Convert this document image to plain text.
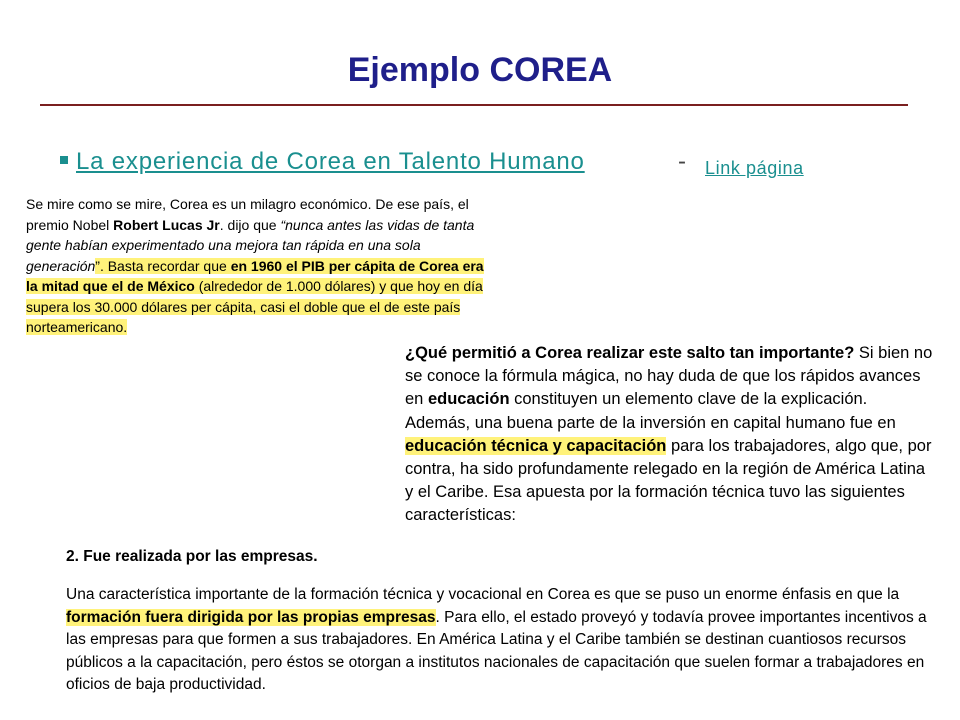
Ejemplo COREA
La experiencia de Corea en Talento Humano	- Link página
Se mire como se mire, Corea es un milagro económico. De ese país, el premio Nobel Robert Lucas Jr. dijo que “nunca antes las vidas de tanta gente habían experimentado una mejora tan rápida en una sola generación”. Basta recordar que en 1960 el PIB per cápita de Corea era la mitad que el de México (alrededor de 1.000 dólares) y que hoy en día supera los 30.000 dólares per cápita, casi el doble que el de este país norteamericano.
¿Qué permitió a Corea realizar este salto tan importante? Si bien no se conoce la fórmula mágica, no hay duda de que los rápidos avances en educación constituyen un elemento clave de la explicación. Además, una buena parte de la inversión en capital humano fue en educación técnica y capacitación para los trabajadores, algo que, por contra, ha sido profundamente relegado en la región de América Latina y el Caribe. Esa apuesta por la formación técnica tuvo las siguientes características:
2. Fue realizada por las empresas.
Una característica importante de la formación técnica y vocacional en Corea es que se puso un enorme énfasis en que la formación fuera dirigida por las propias empresas. Para ello, el estado proveyó y todavía provee importantes incentivos a las empresas para que formen a sus trabajadores. En América Latina y el Caribe también se destinan cuantiosos recursos públicos a la capacitación, pero éstos se otorgan a institutos nacionales de capacitación que suelen formar a trabajadores en oficios de baja productividad.
